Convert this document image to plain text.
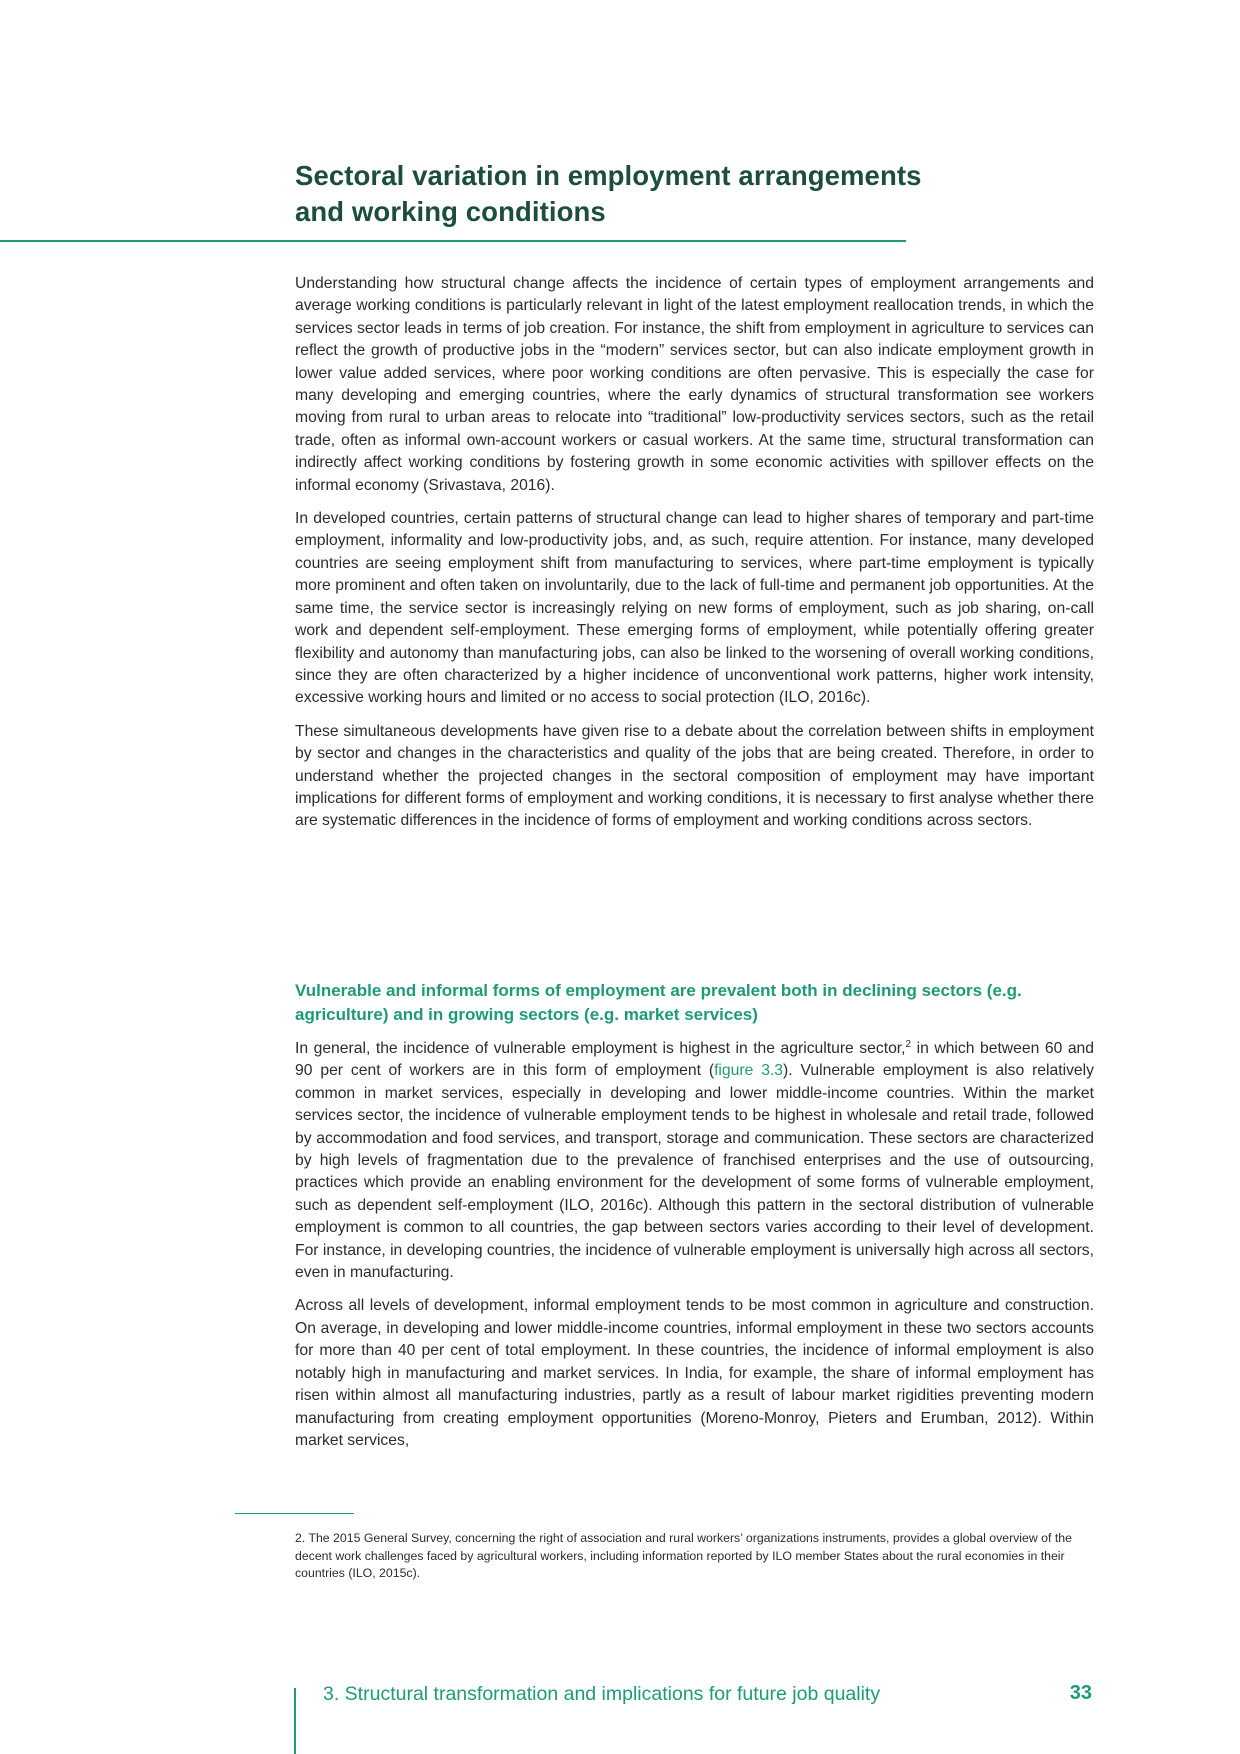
Sectoral variation in employment arrangements and working conditions

Understanding how structural change affects the incidence of certain types of employment arrangements and average working conditions is particularly relevant in light of the latest employment reallocation trends, in which the services sector leads in terms of job creation. For instance, the shift from employment in agriculture to services can reflect the growth of productive jobs in the “modern” services sector, but can also indicate employment growth in lower value added services, where poor working conditions are often pervasive. This is especially the case for many developing and emerging countries, where the early dynamics of structural transformation see workers moving from rural to urban areas to relocate into “traditional” low-productivity services sectors, such as the retail trade, often as informal own-account workers or casual workers. At the same time, structural transformation can indirectly affect working conditions by fostering growth in some economic activities with spillover effects on the informal economy (Srivastava, 2016).

In developed countries, certain patterns of structural change can lead to higher shares of temporary and part-time employment, informality and low-productivity jobs, and, as such, require attention. For instance, many developed countries are seeing employment shift from manufacturing to services, where part-time employment is typically more prominent and often taken on involuntarily, due to the lack of full-time and permanent job opportunities. At the same time, the service sector is increasingly relying on new forms of employment, such as job sharing, on-call work and dependent self-employment. These emerging forms of employment, while potentially offering greater flexibility and autonomy than manufacturing jobs, can also be linked to the worsening of overall working conditions, since they are often characterized by a higher incidence of unconventional work patterns, higher work intensity, excessive working hours and limited or no access to social protection (ILO, 2016c).

These simultaneous developments have given rise to a debate about the correlation between shifts in employment by sector and changes in the characteristics and quality of the jobs that are being created. Therefore, in order to understand whether the projected changes in the sectoral composition of employment may have important implications for different forms of employment and working conditions, it is necessary to first analyse whether there are systematic differences in the incidence of forms of employment and working conditions across sectors.

Vulnerable and informal forms of employment are prevalent both in declining sectors (e.g. agriculture) and in growing sectors (e.g. market services)

In general, the incidence of vulnerable employment is highest in the agriculture sector,$^2$ in which between 60 and 90 per cent of workers are in this form of employment (figure 3.3). Vulnerable employment is also relatively common in market services, especially in developing and lower middle-income countries. Within the market services sector, the incidence of vulnerable employment tends to be highest in wholesale and retail trade, followed by accommodation and food services, and transport, storage and communication. These sectors are characterized by high levels of fragmentation due to the prevalence of franchised enterprises and the use of outsourcing, practices which provide an enabling environment for the development of some forms of vulnerable employment, such as dependent self-employment (ILO, 2016c). Although this pattern in the sectoral distribution of vulnerable employment is common to all countries, the gap between sectors varies according to their level of development. For instance, in developing countries, the incidence of vulnerable employment is universally high across all sectors, even in manufacturing.

Across all levels of development, informal employment tends to be most common in agriculture and construction. On average, in developing and lower middle-income countries, informal employment in these two sectors accounts for more than 40 per cent of total employment. In these countries, the incidence of informal employment is also notably high in manufacturing and market services. In India, for example, the share of informal employment has risen within almost all manufacturing industries, partly as a result of labour market rigidities preventing modern manufacturing from creating employment opportunities (Moreno-Monroy, Pieters and Erumban, 2012). Within market services,

2. The 2015 General Survey, concerning the right of association and rural workers’ organizations instruments, provides a global overview of the decent work challenges faced by agricultural workers, including information reported by ILO member States about the rural economies in their countries (ILO, 2015c).
3. Structural transformation and implications for future job quality	33
